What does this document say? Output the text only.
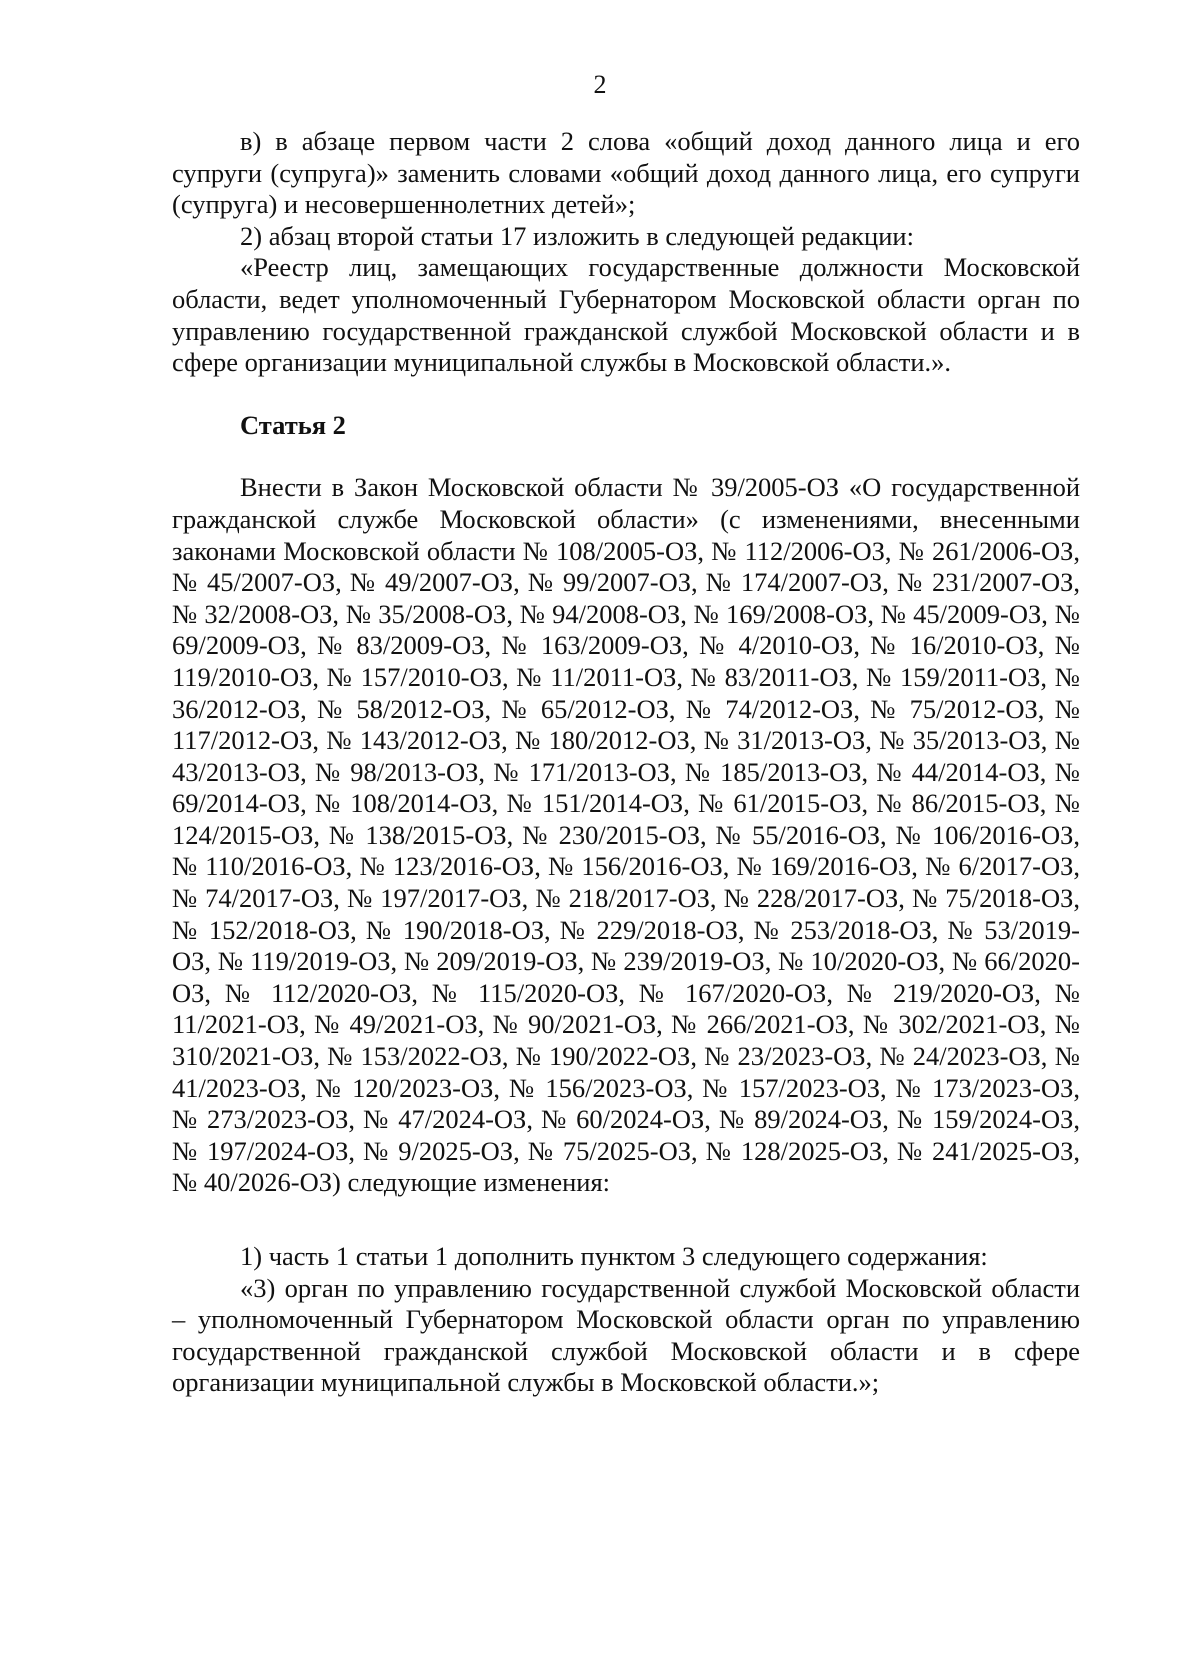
2

в) в абзаце первом части 2 слова «общий доход данного лица и его супруги (супруга)» заменить словами «общий доход данного лица, его супруги (супруга) и несовершеннолетних детей»;

2) абзац второй статьи 17 изложить в следующей редакции:

«Реестр лиц, замещающих государственные должности Московской области, ведет уполномоченный Губернатором Московской области орган по управлению государственной гражданской службой Московской области и в сфере организации муниципальной службы в Московской области.».

Статья 2

Внести в Закон Московской области № 39/2005-ОЗ «О государственной гражданской службе Московской области» (с изменениями, внесенными законами Московской области № 108/2005-ОЗ, № 112/2006-ОЗ, № 261/2006-ОЗ, № 45/2007-ОЗ, № 49/2007-ОЗ, № 99/2007-ОЗ, № 174/2007-ОЗ, № 231/2007-ОЗ, № 32/2008-ОЗ, № 35/2008-ОЗ, № 94/2008-ОЗ, № 169/2008-ОЗ, № 45/2009-ОЗ, № 69/2009-ОЗ, № 83/2009-ОЗ, № 163/2009-ОЗ, № 4/2010-ОЗ, № 16/2010-ОЗ, № 119/2010-ОЗ, № 157/2010-ОЗ, № 11/2011-ОЗ, № 83/2011-ОЗ, № 159/2011-ОЗ, № 36/2012-ОЗ, № 58/2012-ОЗ, № 65/2012-ОЗ, № 74/2012-ОЗ, № 75/2012-ОЗ, № 117/2012-ОЗ, № 143/2012-ОЗ, № 180/2012-ОЗ, № 31/2013-ОЗ, № 35/2013-ОЗ, № 43/2013-ОЗ, № 98/2013-ОЗ, № 171/2013-ОЗ, № 185/2013-ОЗ, № 44/2014-ОЗ, № 69/2014-ОЗ, № 108/2014-ОЗ, № 151/2014-ОЗ, № 61/2015-ОЗ, № 86/2015-ОЗ, № 124/2015-ОЗ, № 138/2015-ОЗ, № 230/2015-ОЗ, № 55/2016-ОЗ, № 106/2016-ОЗ, № 110/2016-ОЗ, № 123/2016-ОЗ, № 156/2016-ОЗ, № 169/2016-ОЗ, № 6/2017-ОЗ, № 74/2017-ОЗ, № 197/2017-ОЗ, № 218/2017-ОЗ, № 228/2017-ОЗ, № 75/2018-ОЗ, № 152/2018-ОЗ, № 190/2018-ОЗ, № 229/2018-ОЗ, № 253/2018-ОЗ, № 53/2019-ОЗ, № 119/2019-ОЗ, № 209/2019-ОЗ, № 239/2019-ОЗ, № 10/2020-ОЗ, № 66/2020-ОЗ, № 112/2020-ОЗ, № 115/2020-ОЗ, № 167/2020-ОЗ, № 219/2020-ОЗ, № 11/2021-ОЗ, № 49/2021-ОЗ, № 90/2021-ОЗ, № 266/2021-ОЗ, № 302/2021-ОЗ, № 310/2021-ОЗ, № 153/2022-ОЗ, № 190/2022-ОЗ, № 23/2023-ОЗ, № 24/2023-ОЗ, № 41/2023-ОЗ, № 120/2023-ОЗ, № 156/2023-ОЗ, № 157/2023-ОЗ, № 173/2023-ОЗ, № 273/2023-ОЗ, № 47/2024-ОЗ, № 60/2024-ОЗ, № 89/2024-ОЗ, № 159/2024-ОЗ, № 197/2024-ОЗ, № 9/2025-ОЗ, № 75/2025-ОЗ, № 128/2025-ОЗ, № 241/2025-ОЗ, № 40/2026-ОЗ) следующие изменения:

1) часть 1 статьи 1 дополнить пунктом 3 следующего содержания:

«3) орган по управлению государственной службой Московской области – уполномоченный Губернатором Московской области орган по управлению государственной гражданской службой Московской области и в сфере организации муниципальной службы в Московской области.»;
